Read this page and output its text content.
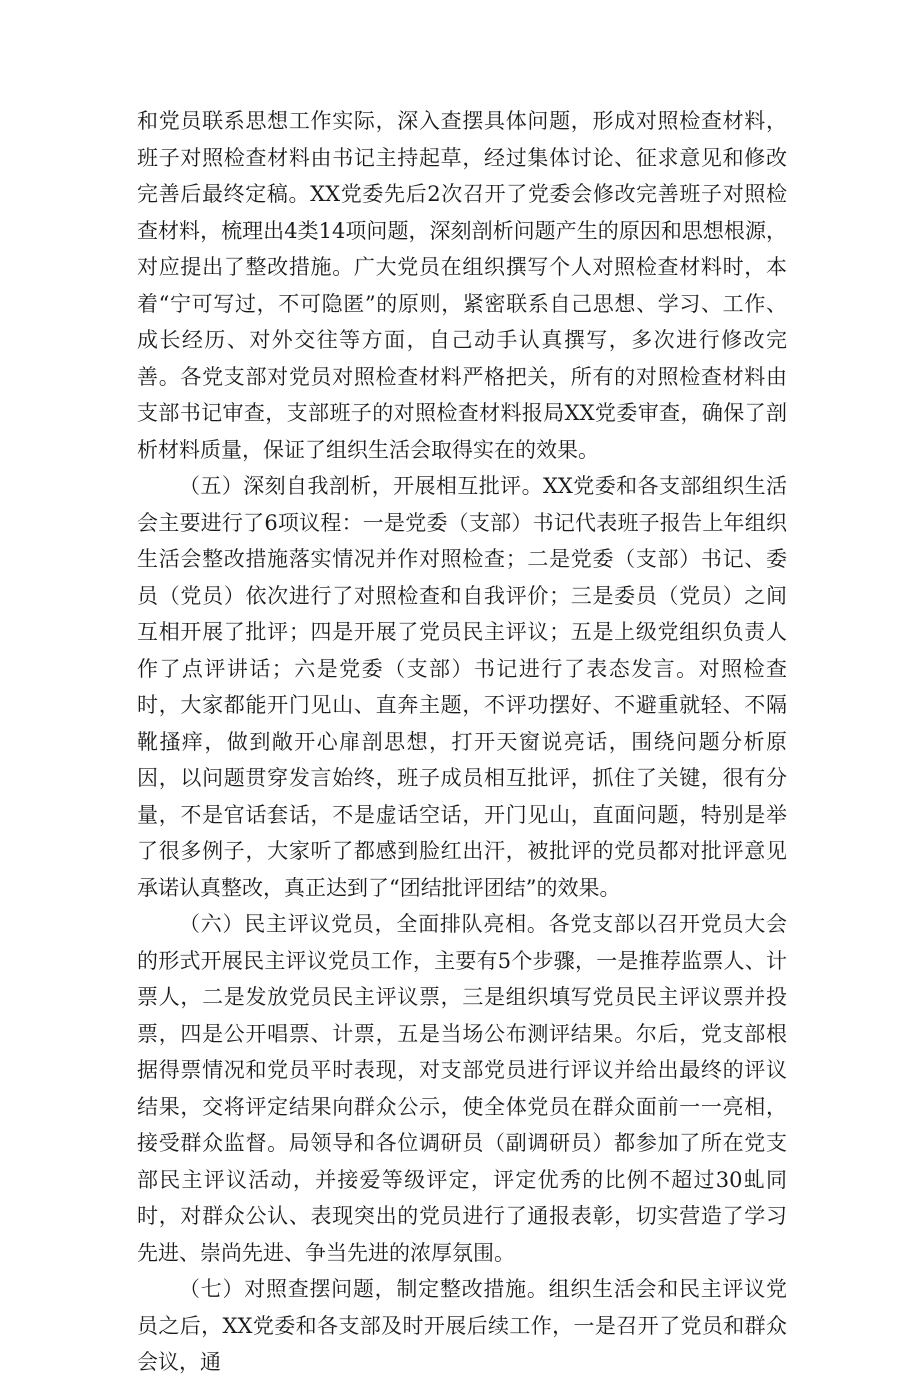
和党员联系思想工作实际，深入查摆具体问题，形成对照检查材料，班子对照检查材料由书记主持起草，经过集体讨论、征求意见和修改完善后最终定稿。XX党委先后2次召开了党委会修改完善班子对照检查材料，梳理出4类14项问题，深刻剖析问题产生的原因和思想根源，对应提出了整改措施。广大党员在组织撰写个人对照检查材料时，本着“宁可写过，不可隐匿”的原则，紧密联系自己思想、学习、工作、成长经历、对外交往等方面，自己动手认真撰写，多次进行修改完善。各党支部对党员对照检查材料严格把关，所有的对照检查材料由支部书记审查，支部班子的对照检查材料报局XX党委审查，确保了剖析材料质量，保证了组织生活会取得实在的效果。

（五）深刻自我剖析，开展相互批评。XX党委和各支部组织生活会主要进行了6项议程：一是党委（支部）书记代表班子报告上年组织生活会整改措施落实情况并作对照检查；二是党委（支部）书记、委员（党员）依次进行了对照检查和自我评价；三是委员（党员）之间互相开展了批评；四是开展了党员民主评议；五是上级党组织负责人作了点评讲话；六是党委（支部）书记进行了表态发言。对照检查时，大家都能开门见山、直奔主题，不评功摆好、不避重就轻、不隔靴搔痒，做到敞开心扉剖思想，打开天窗说亮话，围绕问题分析原因，以问题贯穿发言始终，班子成员相互批评，抓住了关键，很有分量，不是官话套话，不是虚话空话，开门见山，直面问题，特别是举了很多例子，大家听了都感到脸红出汗，被批评的党员都对批评意见承诺认真整改，真正达到了“团结批评团结”的效果。

（六）民主评议党员，全面排队亮相。各党支部以召开党员大会的形式开展民主评议党员工作，主要有5个步骤，一是推荐监票人、计票人，二是发放党员民主评议票，三是组织填写党员民主评议票并投票，四是公开唱票、计票，五是当场公布测评结果。尔后，党支部根据得票情况和党员平时表现，对支部党员进行评议并给出最终的评议结果，交将评定结果向群众公示，使全体党员在群众面前一一亮相，接受群众监督。局领导和各位调研员（副调研员）都参加了所在党支部民主评议活动，并接爱等级评定，评定优秀的比例不超过30虬同时，对群众公认、表现突出的党员进行了通报表彰，切实营造了学习先进、崇尚先进、争当先进的浓厚氛围。

（七）对照查摆问题，制定整改措施。组织生活会和民主评议党员之后，XX党委和各支部及时开展后续工作，一是召开了党员和群众会议，通
